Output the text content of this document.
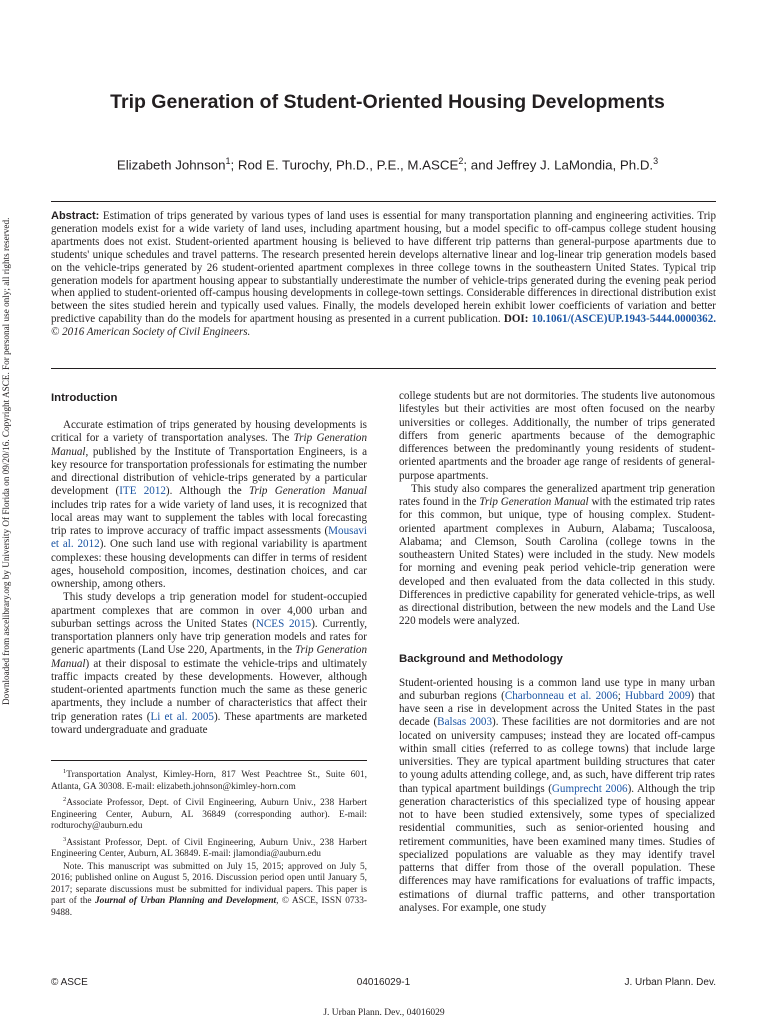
Downloaded from ascelibrary.org by University Of Florida on 09/20/16. Copyright ASCE. For personal use only; all rights reserved.
Trip Generation of Student-Oriented Housing Developments
Elizabeth Johnson$^1$; Rod E. Turochy, Ph.D., P.E., M.ASCE$^2$; and Jeffrey J. LaMondia, Ph.D.$^3$

Abstract: Estimation of trips generated by various types of land uses is essential for many transportation planning and engineering activities. Trip generation models exist for a wide variety of land uses, including apartment housing, but a model specific to off-campus college student housing apartments does not exist. Student-oriented apartment housing is believed to have different trip patterns than general-purpose apartments due to students' unique schedules and travel patterns. The research presented herein develops alternative linear and log-linear trip generation models based on the vehicle-trips generated by 26 student-oriented apartment complexes in three college towns in the southeastern United States. Typical trip generation models for apartment housing appear to substantially underestimate the number of vehicle-trips generated during the evening peak period when applied to student-oriented off-campus housing developments in college-town settings. Considerable differences in directional distribution exist between the sites studied herein and typically used values. Finally, the models developed herein exhibit lower coefficients of variation and better predictive capability than do the models for apartment housing as presented in a current publication. DOI: 10.1061/(ASCE)UP.1943-5444.0000362. © 2016 American Society of Civil Engineers.

Introduction

Accurate estimation of trips generated by housing developments is critical for a variety of transportation analyses. The Trip Generation Manual, published by the Institute of Transportation Engineers, is a key resource for transportation professionals for estimating the number and directional distribution of vehicle-trips generated by a particular development (ITE 2012). Although the Trip Generation Manual includes trip rates for a wide variety of land uses, it is recognized that local areas may want to supplement the tables with local forecasting trip rates to improve accuracy of traffic impact assessments (Mousavi et al. 2012). One such land use with regional variability is apartment complexes: these housing developments can differ in terms of resident ages, household composition, incomes, destination choices, and car ownership, among others.

This study develops a trip generation model for student-occupied apartment complexes that are common in over 4,000 urban and suburban settings across the United States (NCES 2015). Currently, transportation planners only have trip generation models and rates for generic apartments (Land Use 220, Apartments, in the Trip Generation Manual) at their disposal to estimate the vehicle-trips and ultimately traffic impacts created by these developments. However, although student-oriented apartments function much the same as these generic apartments, they include a number of characteristics that affect their trip generation rates (Li et al. 2005). These apartments are marketed toward undergraduate and graduate

$^1$Transportation Analyst, Kimley-Horn, 817 West Peachtree St., Suite 601, Atlanta, GA 30308. E-mail: elizabeth.johnson@kimley-horn.com

$^2$Associate Professor, Dept. of Civil Engineering, Auburn Univ., 238 Harbert Engineering Center, Auburn, AL 36849 (corresponding author). E-mail: rodturochy@auburn.edu

$^3$Assistant Professor, Dept. of Civil Engineering, Auburn Univ., 238 Harbert Engineering Center, Auburn, AL 36849. E-mail: jlamondia@auburn.edu

Note. This manuscript was submitted on July 15, 2015; approved on July 5, 2016; published online on August 5, 2016. Discussion period open until January 5, 2017; separate discussions must be submitted for individual papers. This paper is part of the Journal of Urban Planning and Development, © ASCE, ISSN 0733-9488.

college students but are not dormitories. The students live autonomous lifestyles but their activities are most often focused on the nearby universities or colleges. Additionally, the number of trips generated differs from generic apartments because of the demographic differences between the predominantly young residents of student-oriented apartments and the broader age range of residents of general-purpose apartments.

This study also compares the generalized apartment trip generation rates found in the Trip Generation Manual with the estimated trip rates for this common, but unique, type of housing complex. Student-oriented apartment complexes in Auburn, Alabama; Tuscaloosa, Alabama; and Clemson, South Carolina (college towns in the southeastern United States) were included in the study. New models for morning and evening peak period vehicle-trip generation were developed and then evaluated from the data collected in this study. Differences in predictive capability for generated vehicle-trips, as well as directional distribution, between the new models and the Land Use 220 models were analyzed.

Background and Methodology

Student-oriented housing is a common land use type in many urban and suburban regions (Charbonneau et al. 2006; Hubbard 2009) that have seen a rise in development across the United States in the past decade (Balsas 2003). These facilities are not dormitories and are not located on university campuses; instead they are located off-campus within small cities (referred to as college towns) that include large universities. They are typical apartment building structures that cater to young adults attending college, and, as such, have different trip rates than typical apartment buildings (Gumprecht 2006). Although the trip generation characteristics of this specialized type of housing appear not to have been studied extensively, some types of specialized residential communities, such as senior-oriented housing and retirement communities, have been examined many times. Studies of specialized populations are valuable as they may identify travel patterns that differ from those of the overall population. These differences may have ramifications for evaluations of traffic impacts, estimations of diurnal traffic patterns, and other transportation analyses. For example, one study

© ASCE	04016029-1	J. Urban Plann. Dev.
J. Urban Plann. Dev., 04016029
